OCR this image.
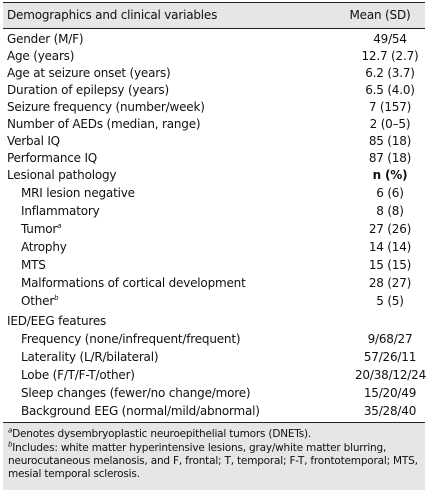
Demographics and clinical variables	Mean (SD)
Gender (M/F)	49/54
Age (years)	12.7 (2.7)
Age at seizure onset (years)	6.2 (3.7)
Duration of epilepsy (years)	6.5 (4.0)
Seizure frequency (number/week)	7 (157)
Number of AEDs (median, range)	2 (0–5)
Verbal IQ	85 (18)
Performance IQ	87 (18)
Lesional pathology	n (%)
MRI lesion negative	6 (6)
Inflammatory	8 (8)
Tumor$^a$	27 (26)
Atrophy	14 (14)
MTS	15 (15)
Malformations of cortical development	28 (27)
Other$^b$	5 (5)
IED/EEG features
Frequency (none/infrequent/frequent)	9/68/27
Laterality (L/R/bilateral)	57/26/11
Lobe (F/T/F-T/other)	20/38/12/24
Sleep changes (fewer/no change/more)	15/20/49
Background EEG (normal/mild/abnormal)	35/28/40
$^a$Denotes dysembryoplastic neuroepithelial tumors (DNETs).
$^b$Includes: white matter hyperintensive lesions, gray/white matter blurring, neurocutaneous melanosis, and F, frontal; T, temporal; F-T, frontotemporal; MTS, mesial temporal sclerosis.
